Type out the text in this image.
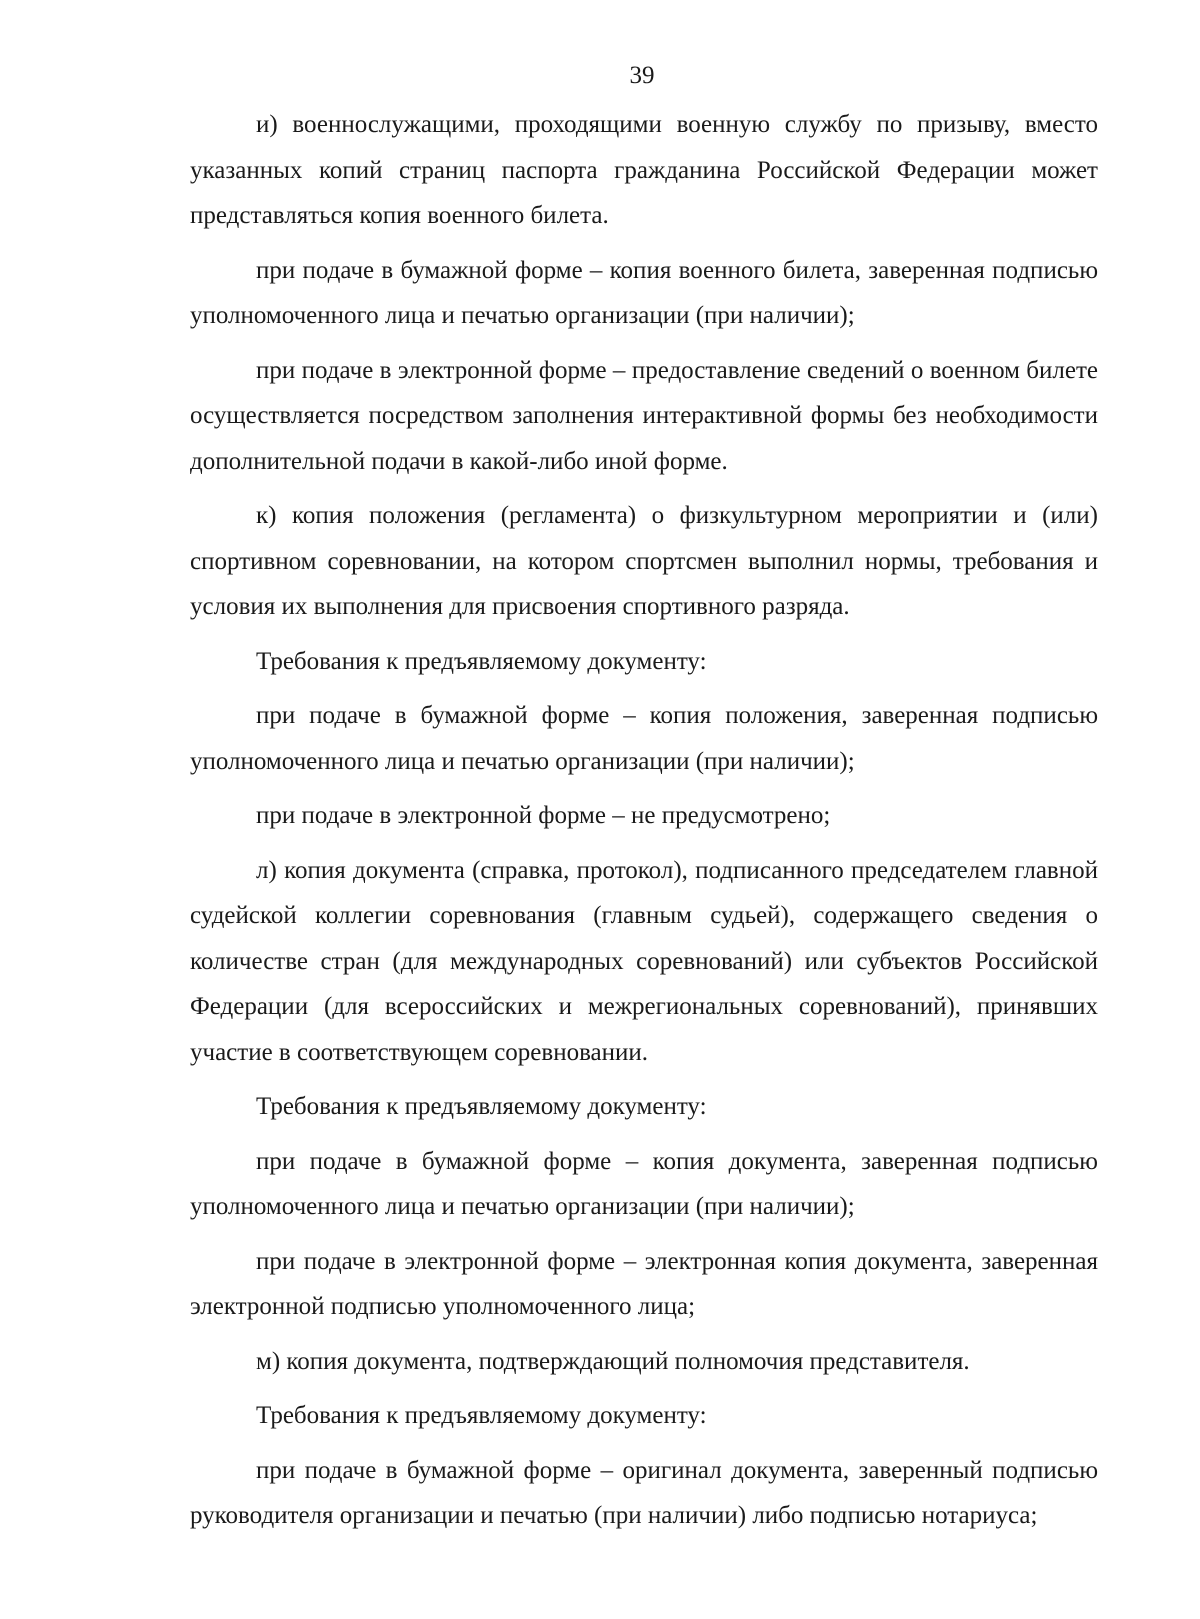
39

и) военнослужащими, проходящими военную службу по призыву, вместо указанных копий страниц паспорта гражданина Российской Федерации может представляться копия военного билета.

при подаче в бумажной форме – копия военного билета, заверенная подписью уполномоченного лица и печатью организации (при наличии);

при подаче в электронной форме – предоставление сведений о военном билете осуществляется посредством заполнения интерактивной формы без необходимости дополнительной подачи в какой-либо иной форме.

к) копия положения (регламента) о физкультурном мероприятии и (или) спортивном соревновании, на котором спортсмен выполнил нормы, требования и условия их выполнения для присвоения спортивного разряда.

Требования к предъявляемому документу:

при подаче в бумажной форме – копия положения, заверенная подписью уполномоченного лица и печатью организации (при наличии);

при подаче в электронной форме – не предусмотрено;

л) копия документа (справка, протокол), подписанного председателем главной судейской коллегии соревнования (главным судьей), содержащего сведения о количестве стран (для международных соревнований) или субъектов Российской Федерации (для всероссийских и межрегиональных соревнований), принявших участие в соответствующем соревновании.

Требования к предъявляемому документу:

при подаче в бумажной форме – копия документа, заверенная подписью уполномоченного лица и печатью организации (при наличии);

при подаче в электронной форме – электронная копия документа, заверенная электронной подписью уполномоченного лица;

м) копия документа, подтверждающий полномочия представителя.

Требования к предъявляемому документу:

при подаче в бумажной форме – оригинал документа, заверенный подписью руководителя организации и печатью (при наличии) либо подписью нотариуса;
